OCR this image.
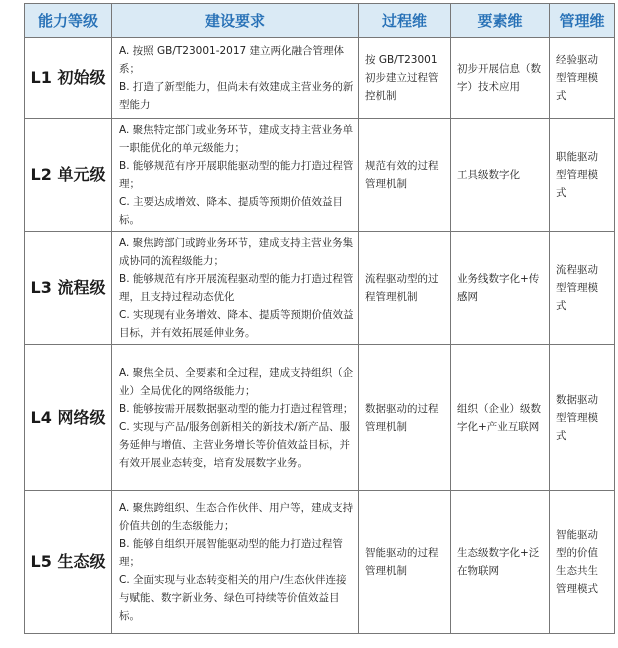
能力等级	建设要求	过程维	要素维	管理维
L1 初始级	A. 按照 GB/T23001-2017 建立两化融合管理体系；
B. 打造了新型能力，但尚未有效建成主营业务的新型能力	按 GB/T23001 初步建立过程管控机制	初步开展信息（数字）技术应用	经验驱动型管理模式
L2 单元级	A. 聚焦特定部门或业务环节，建成支持主营业务单一职能优化的单元级能力；
B. 能够规范有序开展职能驱动型的能力打造过程管理；
C. 主要达成增效、降本、提质等预期价值效益目标。	规范有效的过程管理机制	工具级数字化	职能驱动型管理模式
L3 流程级	A. 聚焦跨部门或跨业务环节，建成支持主营业务集成协同的流程级能力；
B. 能够规范有序开展流程驱动型的能力打造过程管理，且支持过程动态优化
C. 实现现有业务增效、降本、提质等预期价值效益目标，并有效拓展延伸业务。	流程驱动型的过程管理机制	业务线数字化+传感网	流程驱动型管理模式
L4 网络级	A. 聚焦全员、全要素和全过程，建成支持组织（企业）全局优化的网络级能力；
B. 能够按需开展数据驱动型的能力打造过程管理；
C. 实现与产品/服务创新相关的新技术/新产品、服务延伸与增值、主营业务增长等价值效益目标，并有效开展业态转变，培育发展数字业务。	数据驱动的过程管理机制	组织（企业）级数字化+产业互联网	数据驱动型管理模式
L5 生态级	A. 聚焦跨组织、生态合作伙伴、用户等，建成支持价值共创的生态级能力；
B. 能够自组织开展智能驱动型的能力打造过程管理；
C. 全面实现与业态转变相关的用户/生态伙伴连接与赋能、数字新业务、绿色可持续等价值效益目标。	智能驱动的过程管理机制	生态级数字化+泛在物联网	智能驱动型的价值生态共生管理模式
